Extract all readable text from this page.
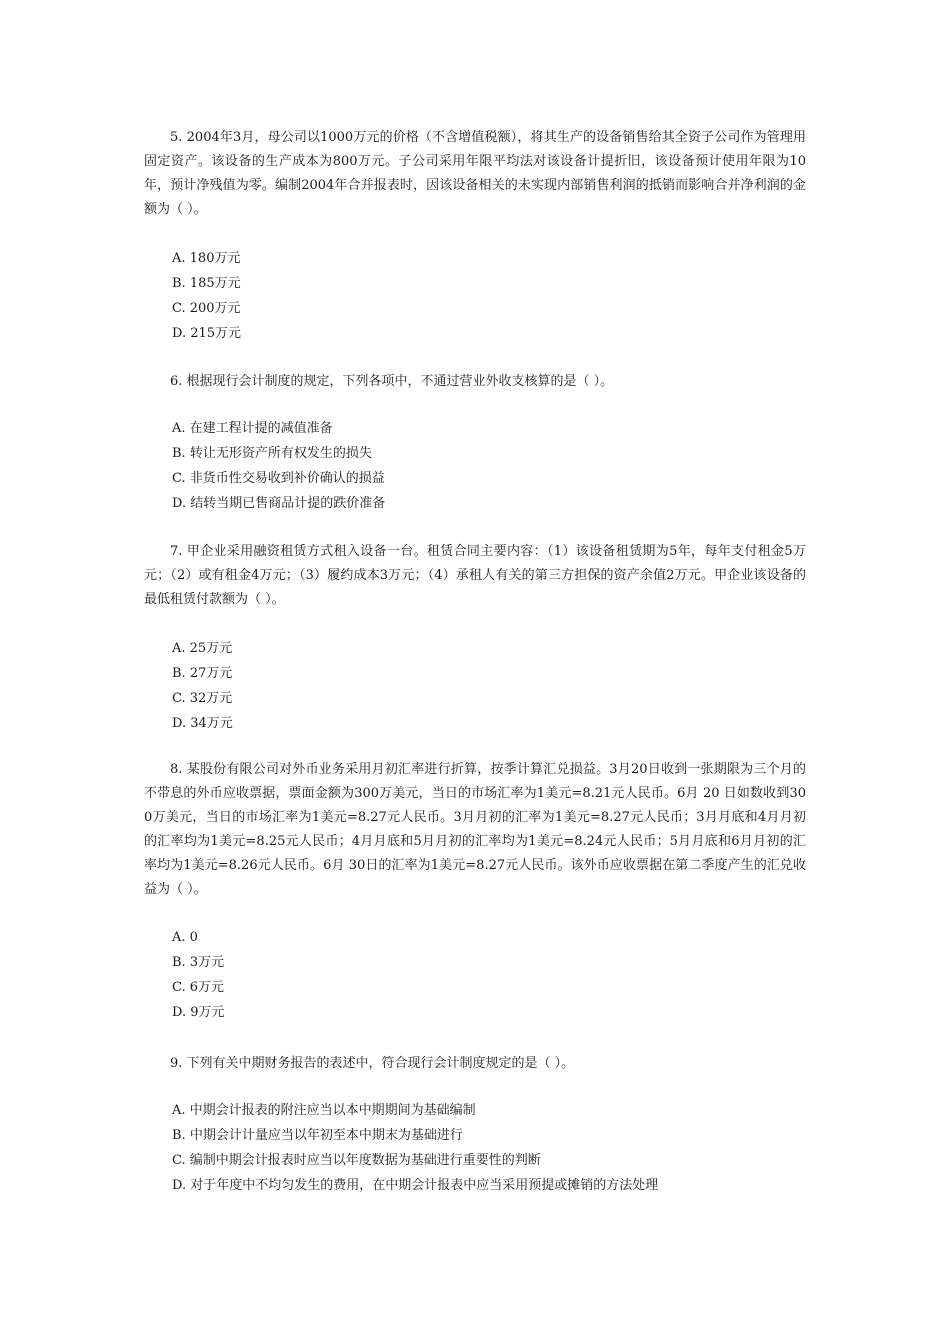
5. 2004年3月，母公司以1000万元的价格（不含增值税额），将其生产的设备销售给其全资子公司作为管理用固定资产。该设备的生产成本为800万元。子公司采用年限平均法对该设备计提折旧，该设备预计使用年限为10年，预计净残值为零。编制2004年合并报表时，因该设备相关的未实现内部销售利润的抵销而影响合并净利润的金额为（ ）。

A. 180万元
B. 185万元
C. 200万元
D. 215万元

6. 根据现行会计制度的规定，下列各项中，不通过营业外收支核算的是（ ）。

A. 在建工程计提的减值准备
B. 转让无形资产所有权发生的损失
C. 非货币性交易收到补价确认的损益
D. 结转当期已售商品计提的跌价准备

7. 甲企业采用融资租赁方式租入设备一台。租赁合同主要内容：（1）该设备租赁期为5年，每年支付租金5万元；（2）或有租金4万元；（3）履约成本3万元；（4）承租人有关的第三方担保的资产余值2万元。甲企业该设备的最低租赁付款额为（ ）。

A. 25万元
B. 27万元
C. 32万元
D. 34万元

8. 某股份有限公司对外币业务采用月初汇率进行折算，按季计算汇兑损益。3月20日收到一张期限为三个月的不带息的外币应收票据，票面金额为300万美元，当日的市场汇率为1美元=8.21元人民币。6月 20 日如数收到300万美元，当日的市场汇率为1美元=8.27元人民币。3月月初的汇率为1美元=8.27元人民币；3月月底和4月月初的汇率均为1美元=8.25元人民币；4月月底和5月月初的汇率均为1美元=8.24元人民币；5月月底和6月月初的汇率均为1美元=8.26元人民币。6月 30日的汇率为1美元=8.27元人民币。该外币应收票据在第二季度产生的汇兑收益为（ ）。

A. 0
B. 3万元
C. 6万元
D. 9万元

9. 下列有关中期财务报告的表述中，符合现行会计制度规定的是（ ）。

A. 中期会计报表的附注应当以本中期期间为基础编制
B. 中期会计计量应当以年初至本中期末为基础进行
C. 编制中期会计报表时应当以年度数据为基础进行重要性的判断
D. 对于年度中不均匀发生的费用，在中期会计报表中应当采用预提或摊销的方法处理
